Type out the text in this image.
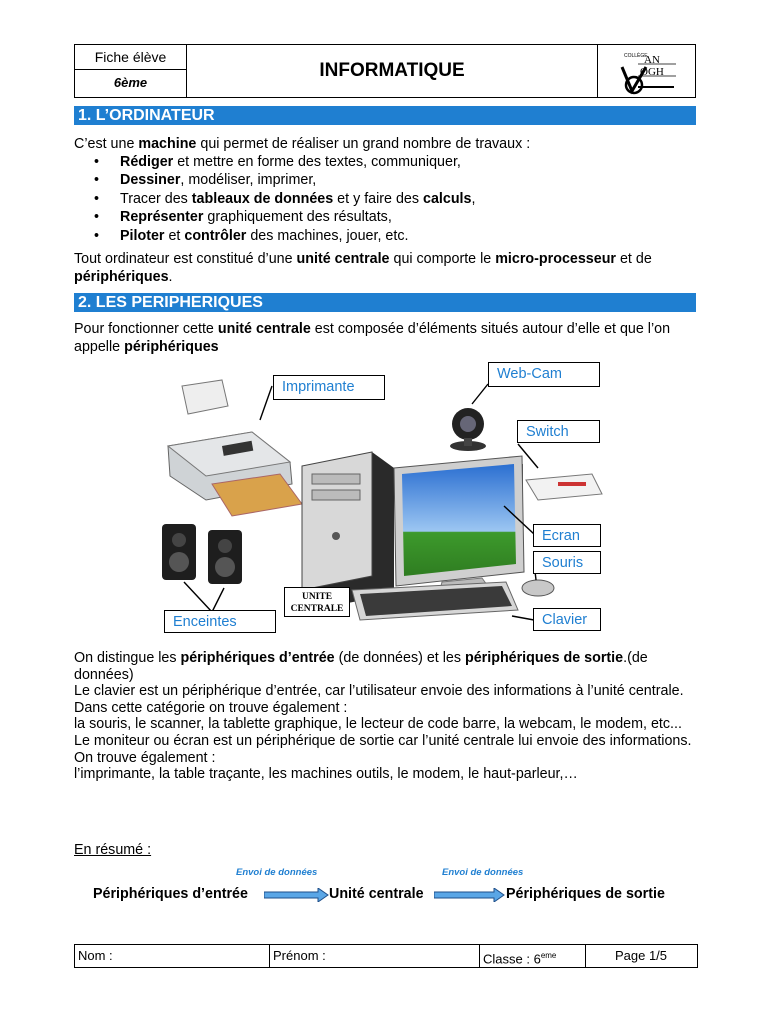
Fiche élève
6ème
INFORMATIQUE
COLLÈGE
AN
OGH
1. L’ORDINATEUR
C’est une machine qui permet de réaliser un grand nombre de travaux :
• Rédiger et mettre en forme des textes, communiquer,
• Dessiner, modéliser, imprimer,
• Tracer des tableaux de données et y faire des calculs,
• Représenter graphiquement des résultats,
• Piloter et contrôler des machines, jouer, etc.
Tout ordinateur est constitué d’une unité centrale qui comporte le micro-processeur et de périphériques.
2. LES PERIPHERIQUES
Pour fonctionner cette unité centrale est composée d’éléments situés autour d’elle et que l’on appelle périphériques
Imprimante
Web-Cam
Switch
Ecran
Souris
Clavier
Enceintes
UNITE
CENTRALE
On distingue les périphériques d’entrée (de données) et les périphériques de sortie.(de données)
Le clavier est un périphérique d’entrée, car l’utilisateur envoie des informations à l’unité centrale.
Dans cette catégorie on trouve également :
la souris, le scanner, la tablette graphique, le lecteur de code barre, la webcam, le modem, etc...
Le moniteur ou écran est un périphérique de sortie car l’unité centrale lui envoie des informations.
On trouve également :
l’imprimante, la table traçante, les machines outils, le modem, le haut-parleur,…
En résumé :
Envoi de données	Envoi de données
Périphériques d’entrée	Unité centrale	Périphériques de sortie
Nom :	Prénom :	Classe : 6eme	Page 1/5
